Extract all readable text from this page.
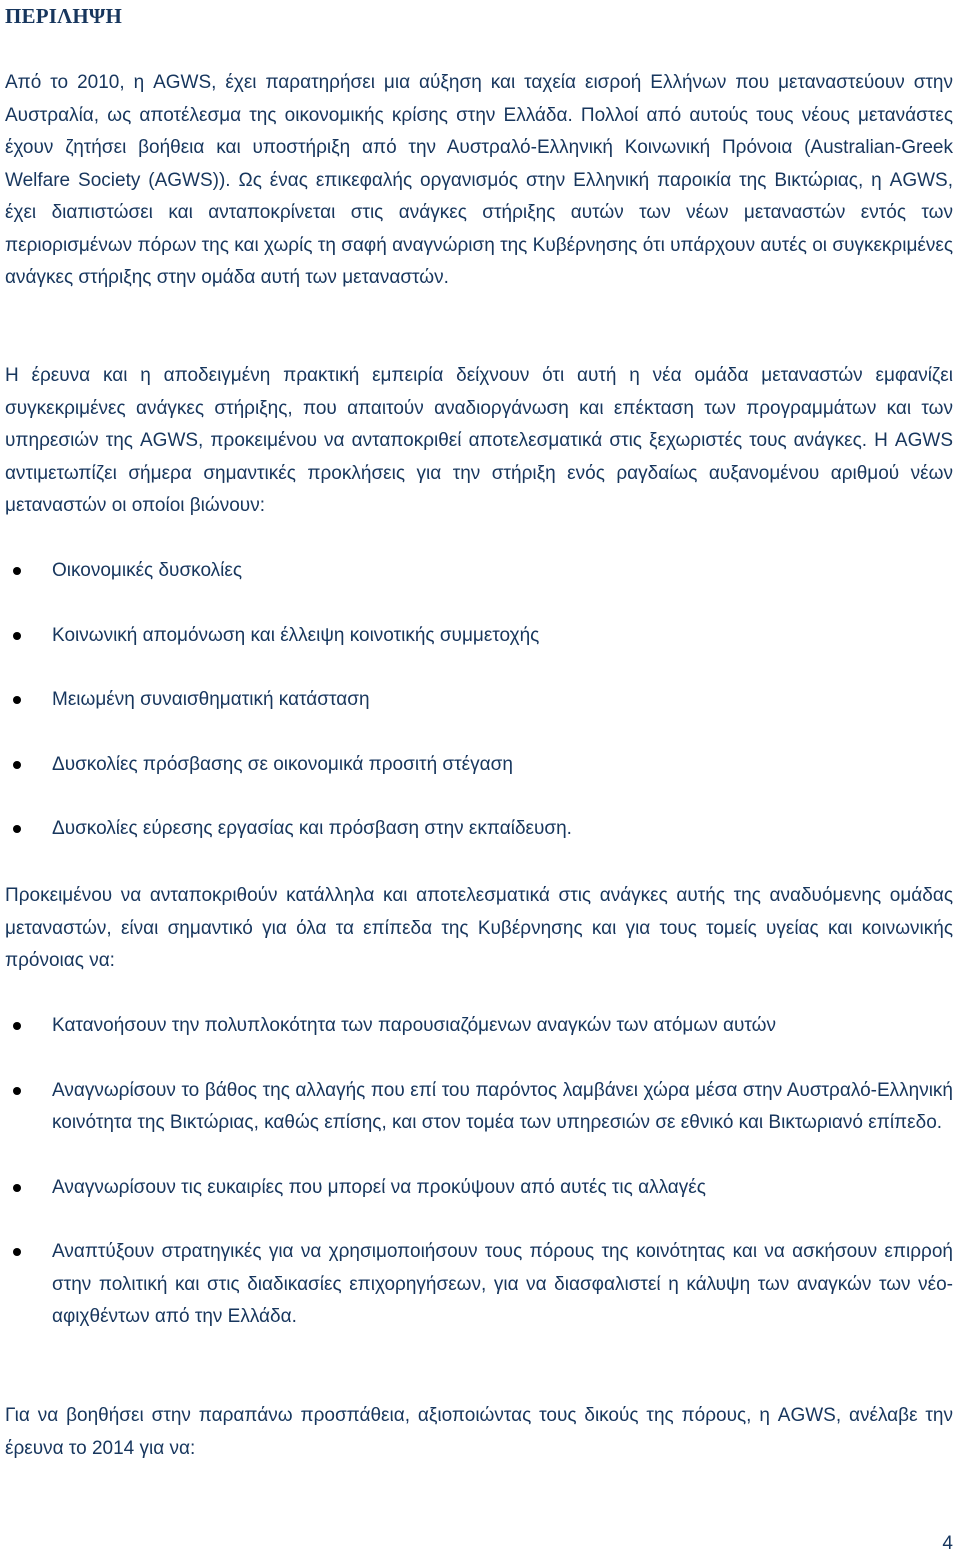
ΠΕΡΙΛΗΨΗ

Από το 2010, η AGWS, έχει παρατηρήσει μια αύξηση και ταχεία εισροή Ελλήνων που μεταναστεύουν στην Αυστραλία, ως αποτέλεσμα της οικονομικής κρίσης στην Ελλάδα. Πολλοί από αυτούς τους νέους μετανάστες έχουν ζητήσει βοήθεια και υποστήριξη από την Αυστραλό-Ελληνική Κοινωνική Πρόνοια (Australian-Greek Welfare Society (AGWS)). Ως ένας επικεφαλής οργανισμός στην Ελληνική παροικία της Βικτώριας, η AGWS, έχει διαπιστώσει και ανταποκρίνεται στις ανάγκες στήριξης αυτών των νέων μεταναστών εντός των περιορισμένων πόρων της και χωρίς τη σαφή αναγνώριση της Κυβέρνησης ότι υπάρχουν αυτές οι συγκεκριμένες ανάγκες στήριξης στην ομάδα αυτή των μεταναστών.

Η έρευνα και η αποδειγμένη πρακτική εμπειρία δείχνουν ότι αυτή η νέα ομάδα μεταναστών εμφανίζει συγκεκριμένες ανάγκες στήριξης, που απαιτούν αναδιοργάνωση και επέκταση των προγραμμάτων και των υπηρεσιών της AGWS, προκειμένου να ανταποκριθεί αποτελεσματικά στις ξεχωριστές τους ανάγκες. Η AGWS αντιμετωπίζει σήμερα σημαντικές προκλήσεις για την στήριξη ενός ραγδαίως αυξανομένου αριθμού νέων μεταναστών οι οποίοι βιώνουν:

Οικονομικές δυσκολίες
Κοινωνική απομόνωση και έλλειψη κοινοτικής συμμετοχής
Μειωμένη συναισθηματική κατάσταση
Δυσκολίες πρόσβασης σε οικονομικά προσιτή στέγαση
Δυσκολίες εύρεσης εργασίας και πρόσβαση στην εκπαίδευση.

Προκειμένου να ανταποκριθούν κατάλληλα και αποτελεσματικά στις ανάγκες αυτής της αναδυόμενης ομάδας μεταναστών, είναι σημαντικό για όλα τα επίπεδα της Κυβέρνησης και για τους τομείς υγείας και κοινωνικής πρόνοιας να:

Κατανοήσουν την πολυπλοκότητα των παρουσιαζόμενων αναγκών των ατόμων αυτών
Αναγνωρίσουν το βάθος της αλλαγής που επί του παρόντος λαμβάνει χώρα μέσα στην Αυστραλό-Ελληνική κοινότητα της Βικτώριας, καθώς επίσης, και στον τομέα των υπηρεσιών σε εθνικό και Βικτωριανό επίπεδο.
Αναγνωρίσουν τις ευκαιρίες που μπορεί να προκύψουν από αυτές τις αλλαγές
Αναπτύξουν στρατηγικές για να χρησιμοποιήσουν τους πόρους της κοινότητας και να ασκήσουν επιρροή στην πολιτική και στις διαδικασίες επιχορηγήσεων, για να διασφαλιστεί η κάλυψη των αναγκών των νέο-αφιχθέντων από την Ελλάδα.

Για να βοηθήσει στην παραπάνω προσπάθεια, αξιοποιώντας τους δικούς της πόρους, η AGWS, ανέλαβε την έρευνα το 2014 για να:

4
